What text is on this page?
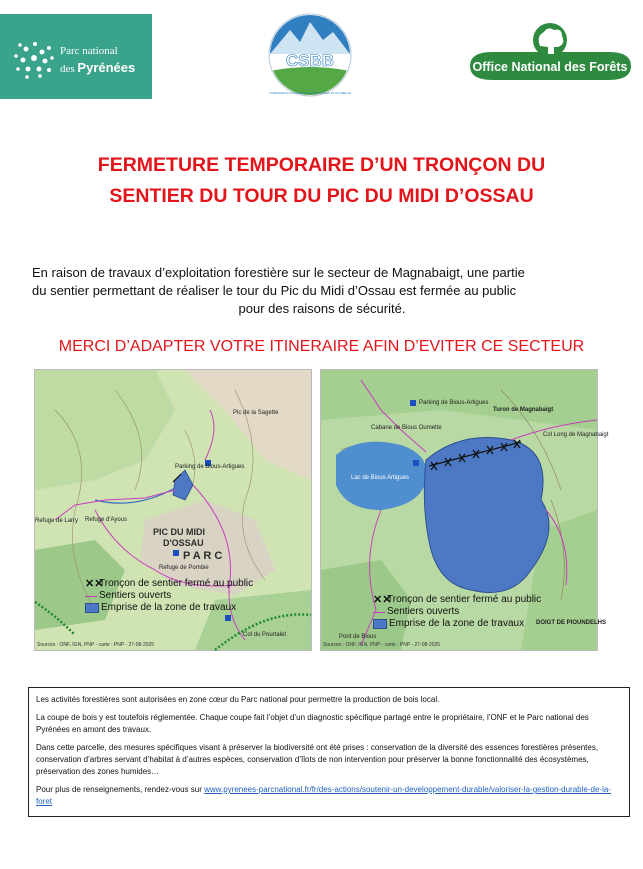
Parc national
des Pyrénées	CSBB
COMMISSION SYNDICALE DU BAS-OSSAU ET DU BIELLE
Office National des Forêts
FERMETURE TEMPORAIRE D’UN TRONÇON DU
SENTIER DU TOUR DU PIC DU MIDI D’OSSAU

En raison de travaux d’exploitation forestière sur le secteur de Magnabaigt, une partie
du sentier permettant de réaliser le tour du Pic du Midi d’Ossau est fermée au public
pour des raisons de sécurité.

MERCI D’ADAPTER VOTRE ITINERAIRE AFIN D’EVITER CE SECTEUR

Pic de la Sagette
Parking de Bious-Artigues
PIC DU MIDI
D'OSSAU
P A R C
Refuge d'Ayous
Refuge de Larry
Refuge de Pombie
Col du Pourtalet
Sources : ONF, IGN, PNP - carte : PNP - 27-08-2025
✕✕
Tronçon de sentier fermé au public
Sentiers ouverts
Emprise de la zone de travaux
Parking de Bious-Artigues
Turon de Magnabaigt
Lac de Bious Artigues
Cabane de Bious Oumette
Col Long de Magnabaigt
DOIGT DE PIOUNDELHS
Pont de Bious
Sources : ONF, IGN, PNP - carte : PNP - 27-08-2025
✕✕
Tronçon de sentier fermé au public
Sentiers ouverts
Emprise de la zone de travaux

Les activités forestières sont autorisées en zone cœur du Parc national pour permettre la production de bois local.

La coupe de bois y est toutefois réglementée. Chaque coupe fait l’objet d’un diagnostic spécifique partagé entre le propriétaire, l’ONF et le Parc national des Pyrénées en amont des travaux.

Dans cette parcelle, des mesures spécifiques visant à préserver la biodiversité ont été prises : conservation de la diversité des essences forestières présentes, conservation d’arbres servant d’habitat à d’autres espèces, conservation d’îlots de non intervention pour préserver la bonne fonctionnalité des écosystèmes, préservation des zones humides…

Pour plus de renseignements, rendez-vous sur www.pyrenees-parcnational.fr/fr/des-actions/soutenir-un-developpement-durable/valoriser-la-gestion-durable-de-la-foret
